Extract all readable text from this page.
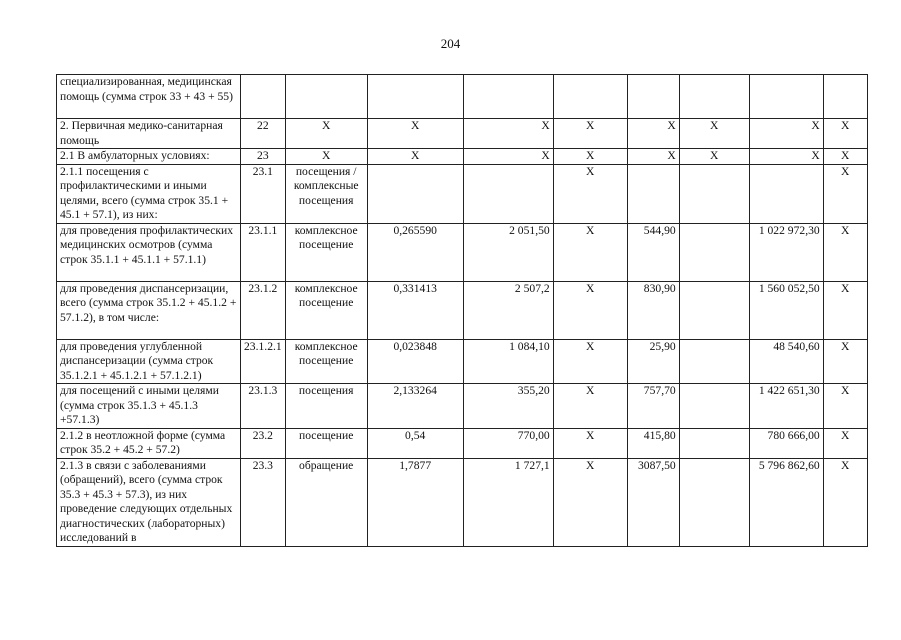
204
специализированная, медицинская помощь (сумма строк 33 + 43 + 55)									
2. Первичная медико-санитарная помощь	22	X	X	X	X	X	X	X	X
2.1 В амбулаторных условиях:	23	X	X	X	X	X	X	X	X
2.1.1 посещения с профилактическими и иными целями, всего (сумма строк 35.1 + 45.1 + 57.1), из них:	23.1	посещения / комплексные посещения			X				X
для проведения профилактических медицинских осмотров (сумма строк 35.1.1 + 45.1.1 + 57.1.1)	23.1.1	комплексное посещение	0,265590	2 051,50	X	544,90		1 022 972,30	X
для проведения диспансеризации, всего (сумма строк 35.1.2 + 45.1.2 + 57.1.2), в том числе:	23.1.2	комплексное посещение	0,331413	2 507,2	X	830,90		1 560 052,50	X
для проведения углубленной диспансеризации (сумма строк 35.1.2.1 + 45.1.2.1 + 57.1.2.1)	23.1.2.1	комплексное посещение	0,023848	1 084,10	X	25,90		48 540,60	X
для посещений с иными целями (сумма строк 35.1.3 + 45.1.3 +57.1.3)	23.1.3	посещения	2,133264	355,20	X	757,70		1 422 651,30	X
2.1.2 в неотложной форме (сумма строк 35.2 + 45.2 + 57.2)	23.2	посещение	0,54	770,00	X	415,80		780 666,00	X
2.1.3 в связи с заболеваниями (обращений), всего (сумма строк 35.3 + 45.3 + 57.3), из них проведение следующих отдельных диагностических (лабораторных) исследований в	23.3	обращение	1,7877	1 727,1	X	3087,50		5 796 862,60	X
